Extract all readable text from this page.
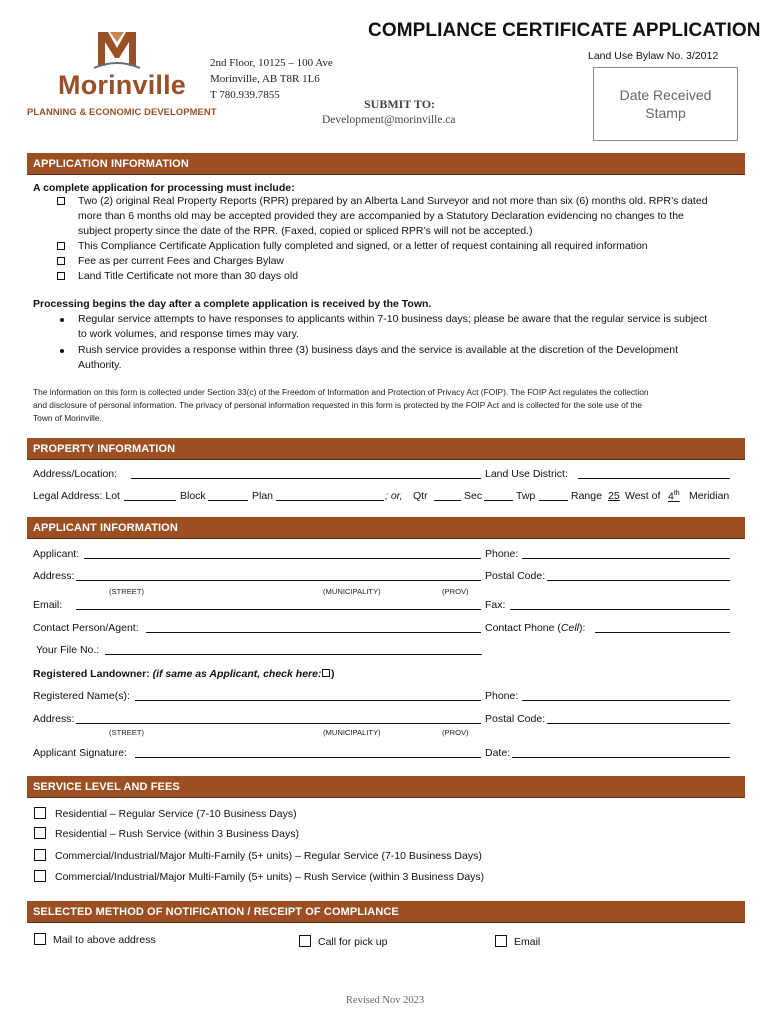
Morinville
PLANNING & ECONOMIC DEVELOPMENT
2nd Floor, 10125 – 100 Ave
Morinville, AB T8R 1L6
T 780.939.7855
COMPLIANCE CERTIFICATE APPLICATION
Land Use Bylaw No. 3/2012
SUBMIT TO:
Development@morinville.ca
Date Received
Stamp
APPLICATION INFORMATION
A complete application for processing must include:
Two (2) original Real Property Reports (RPR) prepared by an Alberta Land Surveyor and not more than six (6) months old. RPR’s dated
more than 6 months old may be accepted provided they are accompanied by a Statutory Declaration evidencing no changes to the
subject property since the date of the RPR. (Faxed, copied or spliced RPR’s will not be accepted.)
This Compliance Certificate Application fully completed and signed, or a letter of request containing all required information
Fee as per current Fees and Charges Bylaw
Land Title Certificate not more than 30 days old
Processing begins the day after a complete application is received by the Town.
Regular service attempts to have responses to applicants within 7-10 business days; please be aware that the regular service is subject
to work volumes, and response times may vary.
Rush service provides a response within three (3) business days and the service is available at the discretion of the Development
Authority.
The information on this form is collected under Section 33(c) of the Freedom of Information and Protection of Privacy Act (FOIP). The FOIP Act regulates the collection
and disclosure of personal information. The privacy of personal information requested in this form is protected by the FOIP Act and is collected for the sole use of the
Town of Morinville.
PROPERTY INFORMATION
Address/Location:	Land Use District:
Legal Address: Lot	Block	Plan	; or, Qtr	Sec	Twp	Range 25 West of 4th Meridian
APPLICANT INFORMATION
Applicant:	Phone:
Address:	Postal Code:
(STREET)	(MUNICIPALITY)	(PROV)
Email:	Fax:
Contact Person/Agent:	Contact Phone (Cell):
Your File No.:
Registered Landowner: (if same as Applicant, check here: )
Registered Name(s):	Phone:
Address:	Postal Code:
(STREET)	(MUNICIPALITY)	(PROV)
Applicant Signature:	Date:
SERVICE LEVEL AND FEES
Residential – Regular Service (7-10 Business Days)
Residential – Rush Service (within 3 Business Days)
Commercial/Industrial/Major Multi-Family (5+ units) – Regular Service (7-10 Business Days)
Commercial/Industrial/Major Multi-Family (5+ units) – Rush Service (within 3 Business Days)
SELECTED METHOD OF NOTIFICATION / RECEIPT OF COMPLIANCE
Mail to above address	Call for pick up	Email
Revised Nov 2023
